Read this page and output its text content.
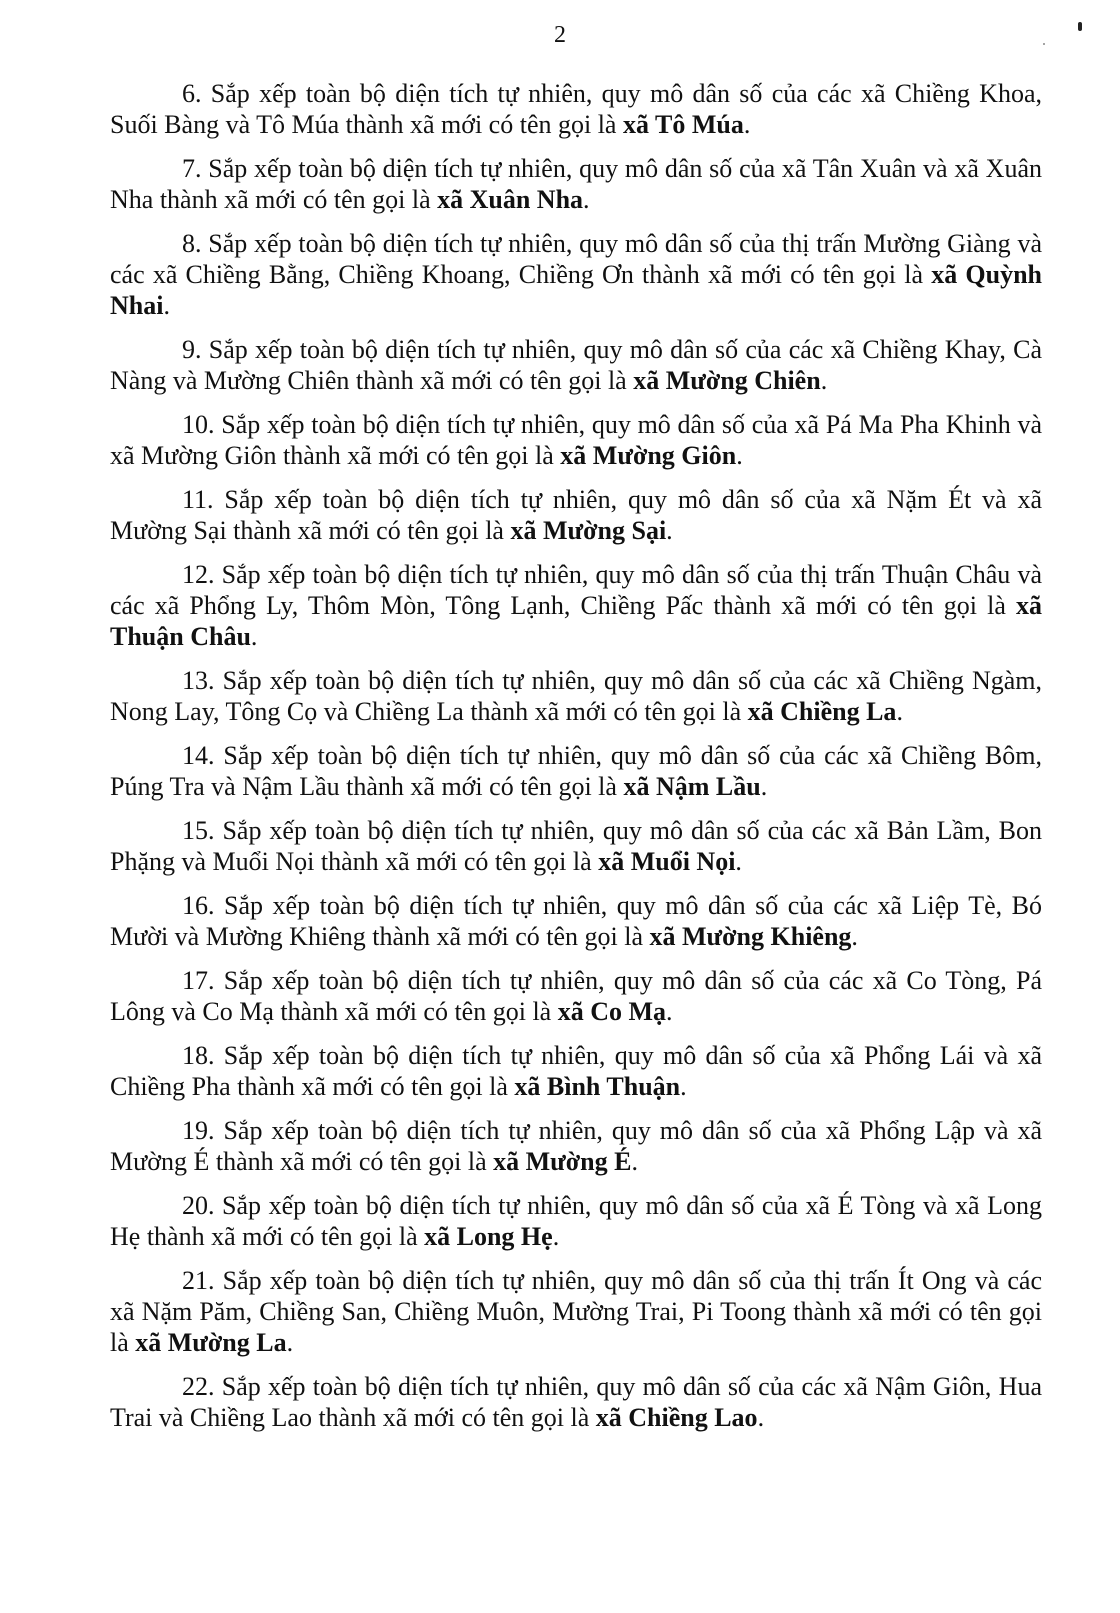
2

6. Sắp xếp toàn bộ diện tích tự nhiên, quy mô dân số của các xã Chiềng Khoa, Suối Bàng và Tô Múa thành xã mới có tên gọi là xã Tô Múa.

7. Sắp xếp toàn bộ diện tích tự nhiên, quy mô dân số của xã Tân Xuân và xã Xuân Nha thành xã mới có tên gọi là xã Xuân Nha.

8. Sắp xếp toàn bộ diện tích tự nhiên, quy mô dân số của thị trấn Mường Giàng và các xã Chiềng Bằng, Chiềng Khoang, Chiềng Ơn thành xã mới có tên gọi là xã Quỳnh Nhai.

9. Sắp xếp toàn bộ diện tích tự nhiên, quy mô dân số của các xã Chiềng Khay, Cà Nàng và Mường Chiên thành xã mới có tên gọi là xã Mường Chiên.

10. Sắp xếp toàn bộ diện tích tự nhiên, quy mô dân số của xã Pá Ma Pha Khinh và xã Mường Giôn thành xã mới có tên gọi là xã Mường Giôn.

11. Sắp xếp toàn bộ diện tích tự nhiên, quy mô dân số của xã Nặm Ét và xã Mường Sại thành xã mới có tên gọi là xã Mường Sại.

12. Sắp xếp toàn bộ diện tích tự nhiên, quy mô dân số của thị trấn Thuận Châu và các xã Phổng Ly, Thôm Mòn, Tông Lạnh, Chiềng Pấc thành xã mới có tên gọi là xã Thuận Châu.

13. Sắp xếp toàn bộ diện tích tự nhiên, quy mô dân số của các xã Chiềng Ngàm, Nong Lay, Tông Cọ và Chiềng La thành xã mới có tên gọi là xã Chiềng La.

14. Sắp xếp toàn bộ diện tích tự nhiên, quy mô dân số của các xã Chiềng Bôm, Púng Tra và Nậm Lầu thành xã mới có tên gọi là xã Nậm Lầu.

15. Sắp xếp toàn bộ diện tích tự nhiên, quy mô dân số của các xã Bản Lầm, Bon Phặng và Muổi Nọi thành xã mới có tên gọi là xã Muổi Nọi.

16. Sắp xếp toàn bộ diện tích tự nhiên, quy mô dân số của các xã Liệp Tè, Bó Mười và Mường Khiêng thành xã mới có tên gọi là xã Mường Khiêng.

17. Sắp xếp toàn bộ diện tích tự nhiên, quy mô dân số của các xã Co Tòng, Pá Lông và Co Mạ thành xã mới có tên gọi là xã Co Mạ.

18. Sắp xếp toàn bộ diện tích tự nhiên, quy mô dân số của xã Phổng Lái và xã Chiềng Pha thành xã mới có tên gọi là xã Bình Thuận.

19. Sắp xếp toàn bộ diện tích tự nhiên, quy mô dân số của xã Phổng Lập và xã Mường É thành xã mới có tên gọi là xã Mường É.

20. Sắp xếp toàn bộ diện tích tự nhiên, quy mô dân số của xã É Tòng và xã Long Hẹ thành xã mới có tên gọi là xã Long Hẹ.

21. Sắp xếp toàn bộ diện tích tự nhiên, quy mô dân số của thị trấn Ít Ong và các xã Nặm Păm, Chiềng San, Chiềng Muôn, Mường Trai, Pi Toong thành xã mới có tên gọi là xã Mường La.

22. Sắp xếp toàn bộ diện tích tự nhiên, quy mô dân số của các xã Nậm Giôn, Hua Trai và Chiềng Lao thành xã mới có tên gọi là xã Chiềng Lao.
